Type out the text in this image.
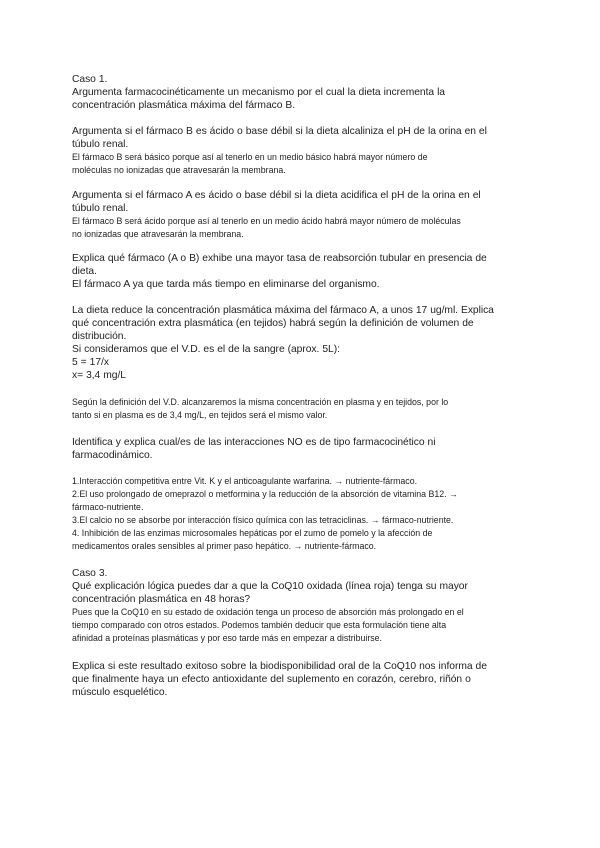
Caso 1.

Argumenta farmacocinéticamente un mecanismo por el cual la dieta incrementa la
concentración plasmática máxima del fármaco B.

Argumenta si el fármaco B es ácido o base débil si la dieta alcaliniza el pH de la orina en el
túbulo renal.

El fármaco B será básico porque así al tenerlo en un medio básico habrá mayor número de
moléculas no ionizadas que atravesarán la membrana.

Argumenta si el fármaco A es ácido o base débil si la dieta acidifica el pH de la orina en el
túbulo renal.

El fármaco B será ácido porque así al tenerlo en un medio ácido habrá mayor número de moléculas
no ionizadas que atravesarán la membrana.

Explica qué fármaco (A o B) exhibe una mayor tasa de reabsorción tubular en presencia de
dieta.
El fármaco A ya que tarda más tiempo en eliminarse del organismo.

La dieta reduce la concentración plasmática máxima del fármaco A, a unos 17 ug/ml. Explica
qué concentración extra plasmática (en tejidos) habrá según la definición de volumen de
distribución.
Si consideramos que el V.D. es el de la sangre (aprox. 5L):
5 = 17/x
x= 3,4 mg/L

Según la definición del V.D. alcanzaremos la misma concentración en plasma y en tejidos, por lo
tanto si en plasma es de 3,4 mg/L, en tejidos será el mismo valor.

Identifica y explica cual/es de las interacciones NO es de tipo farmacocinético ni
farmacodinámico.

1.Interacción competitiva entre Vit. K y el anticoagulante warfarina. → nutriente-fármaco.
2.El uso prolongado de omeprazol o metformina y la reducción de la absorción de vitamina B12. →
fármaco-nutriente.
3.El calcio no se absorbe por interacción físico química con las tetraciclinas. → fármaco-nutriente.
4. Inhibición de las enzimas microsomales hepáticas por el zumo de pomelo y la afección de
medicamentos orales sensibles al primer paso hepático. → nutriente-fármaco.

Caso 3.

Qué explicación lógica puedes dar a que la CoQ10 oxidada (línea roja) tenga su mayor
concentración plasmática en 48 horas?

Pues que la CoQ10 en su estado de oxidación tenga un proceso de absorción más prolongado en el
tiempo comparado con otros estados. Podemos también deducir que esta formulación tiene alta
afinidad a proteínas plasmáticas y por eso tarde más en empezar a distribuirse.

Explica si este resultado exitoso sobre la biodisponibilidad oral de la CoQ10 nos informa de
que finalmente haya un efecto antioxidante del suplemento en corazón, cerebro, riñón o
músculo esquelético.
